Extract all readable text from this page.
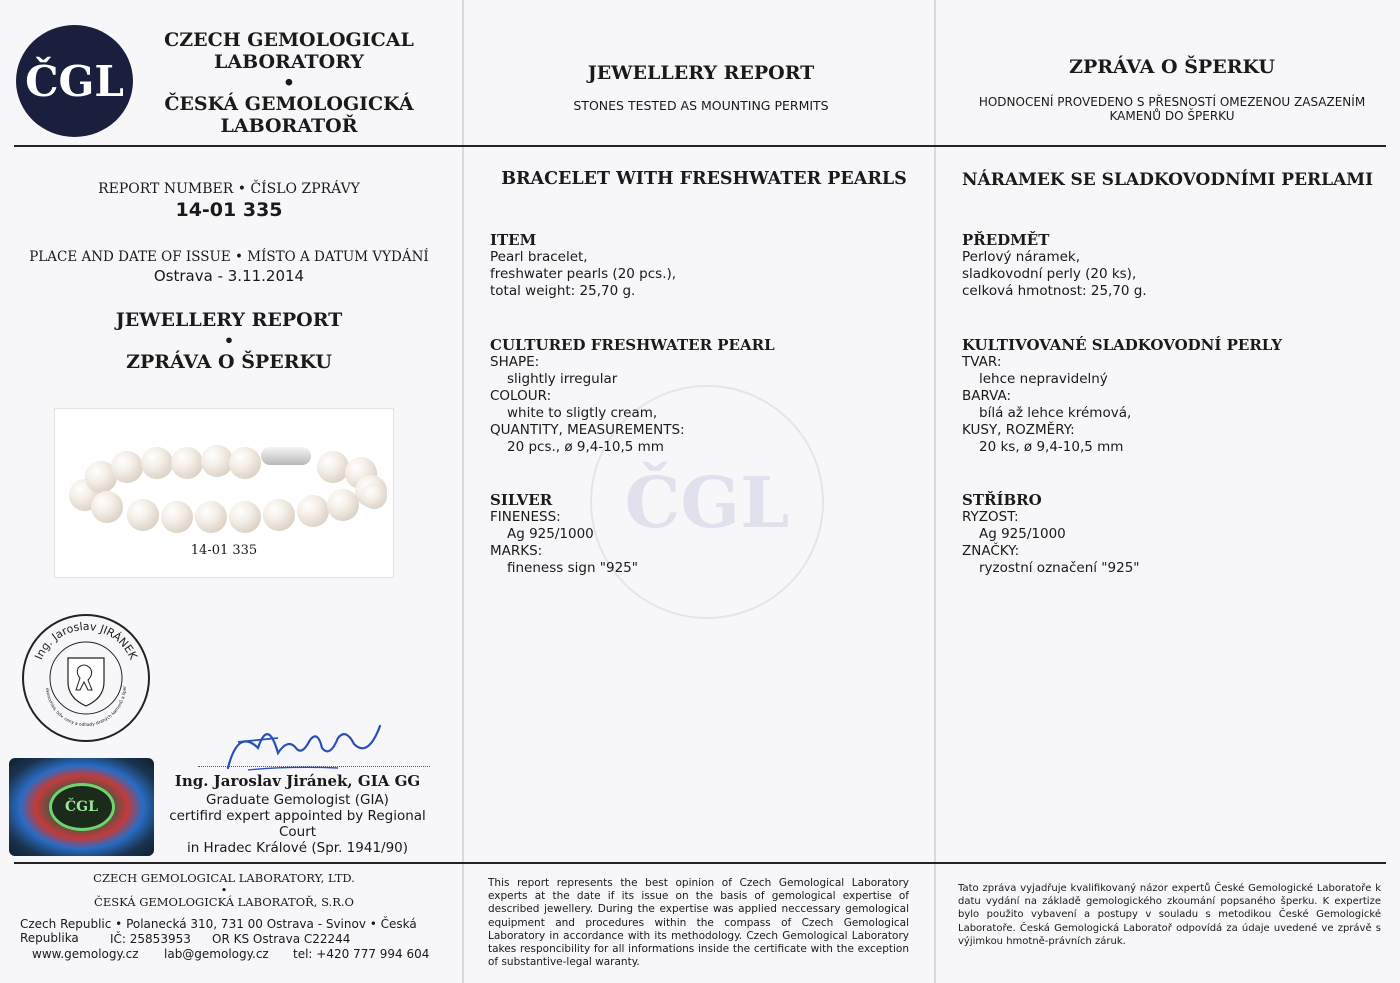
ČGL
CZECH GEMOLOGICAL
LABORATORY
•
ČESKÁ GEMOLOGICKÁ
LABORATOŘ
REPORT NUMBER • ČÍSLO ZPRÁVY
14-01 335
PLACE AND DATE OF ISSUE • MÍSTO A DATUM VYDÁNÍ
Ostrava - 3.11.2014
JEWELLERY REPORT
•
ZPRÁVA O ŠPERKU
14-01 335
Ing. Jaroslav JIRÁNEK
ekonomika, odv. ceny a odhady drahých kamenů a šper
ČGL
Ing. Jaroslav Jiránek, GIA GG
Graduate Gemologist (GIA)
certifird expert appointed by Regional Court
in Hradec Králové (Spr. 1941/90)
CZECH GEMOLOGICAL LABORATORY, LTD.
•
ČESKÁ GEMOLOGICKÁ LABORATOŘ, S.R.O
Czech Republic • Polanecká 310, 731 00 Ostrava - Svinov • Česká Republika	IČ: 25853953 OR KS Ostrava C22244
www.gemology.cz lab@gemology.cz tel: +420 777 994 604
ČGL
JEWELLERY REPORT
STONES TESTED AS MOUNTING PERMITS
BRACELET WITH FRESHWATER PEARLS
ITEM
Pearl bracelet,
freshwater pearls (20 pcs.),
total weight: 25,70 g.
CULTURED FRESHWATER PEARL
SHAPE:
slightly irregular
COLOUR:
white to sligtly cream,
QUANTITY, MEASUREMENTS:
20 pcs., ø 9,4-10,5 mm
SILVER
FINENESS:
Ag 925/1000
MARKS:
fineness sign "925"
This report represents the best opinion of Czech Gemological Laboratory experts at the date if its issue on the basis of gemological expertise of described jewellery. During the expertise was applied neccessary gemological equipment and procedures within the compass of Czech Gemological Laboratory in accordance with its methodology. Czech Gemological Laboratory takes responcibility for all informations inside the certificate with the exception of substantive-legal waranty.
ZPRÁVA O ŠPERKU
HODNOCENÍ PROVEDENO S PŘESNOSTÍ OMEZENOU ZASAZENÍM
KAMENŮ DO ŠPERKU
NÁRAMEK SE SLADKOVODNÍMI PERLAMI
PŘEDMĚT
Perlový náramek,
sladkovodní perly (20 ks),
celková hmotnost: 25,70 g.
KULTIVOVANÉ SLADKOVODNÍ PERLY
TVAR:
lehce nepravidelný
BARVA:
bílá až lehce krémová,
KUSY, ROZMĚRY:
20 ks, ø 9,4-10,5 mm
STŘÍBRO
RYZOST:
Ag 925/1000
ZNAČKY:
ryzostní označení "925"
Tato zpráva vyjadřuje kvalifikovaný názor expertů České Gemologické Laboratoře k datu vydání na základě gemologického zkoumání popsaného šperku. K expertize bylo použito vybavení a postupy v souladu s metodikou České Gemologické Laboratoře. Česká Gemologická Laboratoř odpovídá za údaje uvedené ve zprávě s výjimkou hmotně-právních záruk.
